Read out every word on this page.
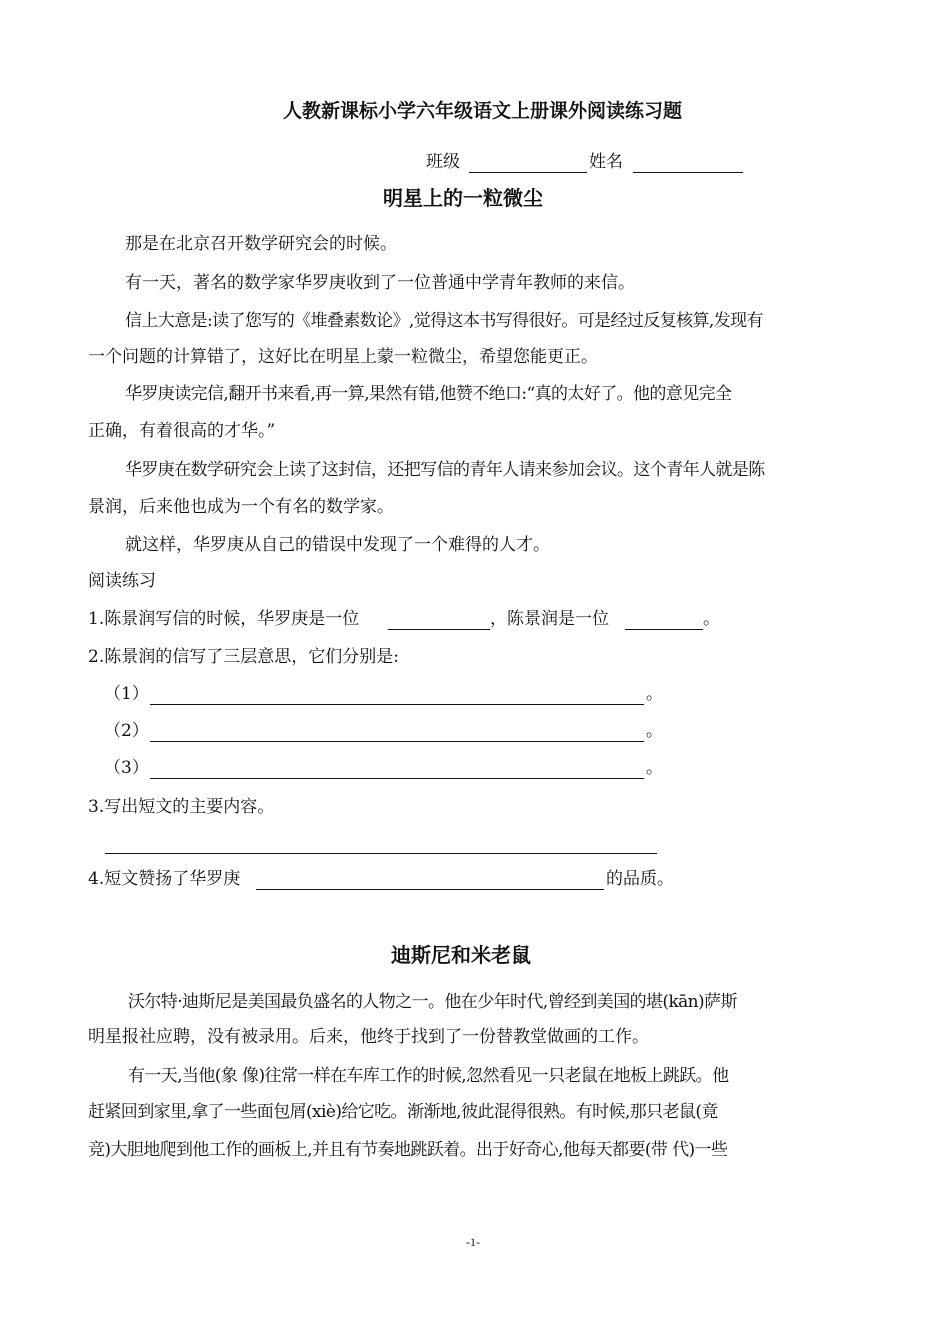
人教新课标小学六年级语文上册课外阅读练习题
班级	姓名
明星上的一粒微尘
那是在北京召开数学研究会的时候。
有一天，著名的数学家华罗庚收到了一位普通中学青年教师的来信。
信上大意是:读了您写的《堆叠素数论》,觉得这本书写得很好。可是经过反复核算,发现有
一个问题的计算错了，这好比在明星上蒙一粒微尘，希望您能更正。
华罗庚读完信,翻开书来看,再一算,果然有错,他赞不绝口:“真的太好了。他的意见完全
正确，有着很高的才华。”
华罗庚在数学研究会上读了这封信，还把写信的青年人请来参加会议。这个青年人就是陈
景润，后来他也成为一个有名的数学家。
就这样，华罗庚从自己的错误中发现了一个难得的人才。
阅读练习
1.陈景润写信的时候，华罗庚是一位	，陈景润是一位	。
2.陈景润的信写了三层意思，它们分别是:
（1）	。
（2）	。
（3）	。
3.写出短文的主要内容。
4.短文赞扬了华罗庚	的品质。
迪斯尼和米老鼠
沃尔特·迪斯尼是美国最负盛名的人物之一。他在少年时代,曾经到美国的堪(kān)萨斯
明星报社应聘，没有被录用。后来，他终于找到了一份替教堂做画的工作。
有一天,当他(象 像)往常一样在车库工作的时候,忽然看见一只老鼠在地板上跳跃。他
赶紧回到家里,拿了一些面包屑(xiè)给它吃。渐渐地,彼此混得很熟。有时候,那只老鼠(竟
竞)大胆地爬到他工作的画板上,并且有节奏地跳跃着。出于好奇心,他每天都要(带 代)一些
-1-
